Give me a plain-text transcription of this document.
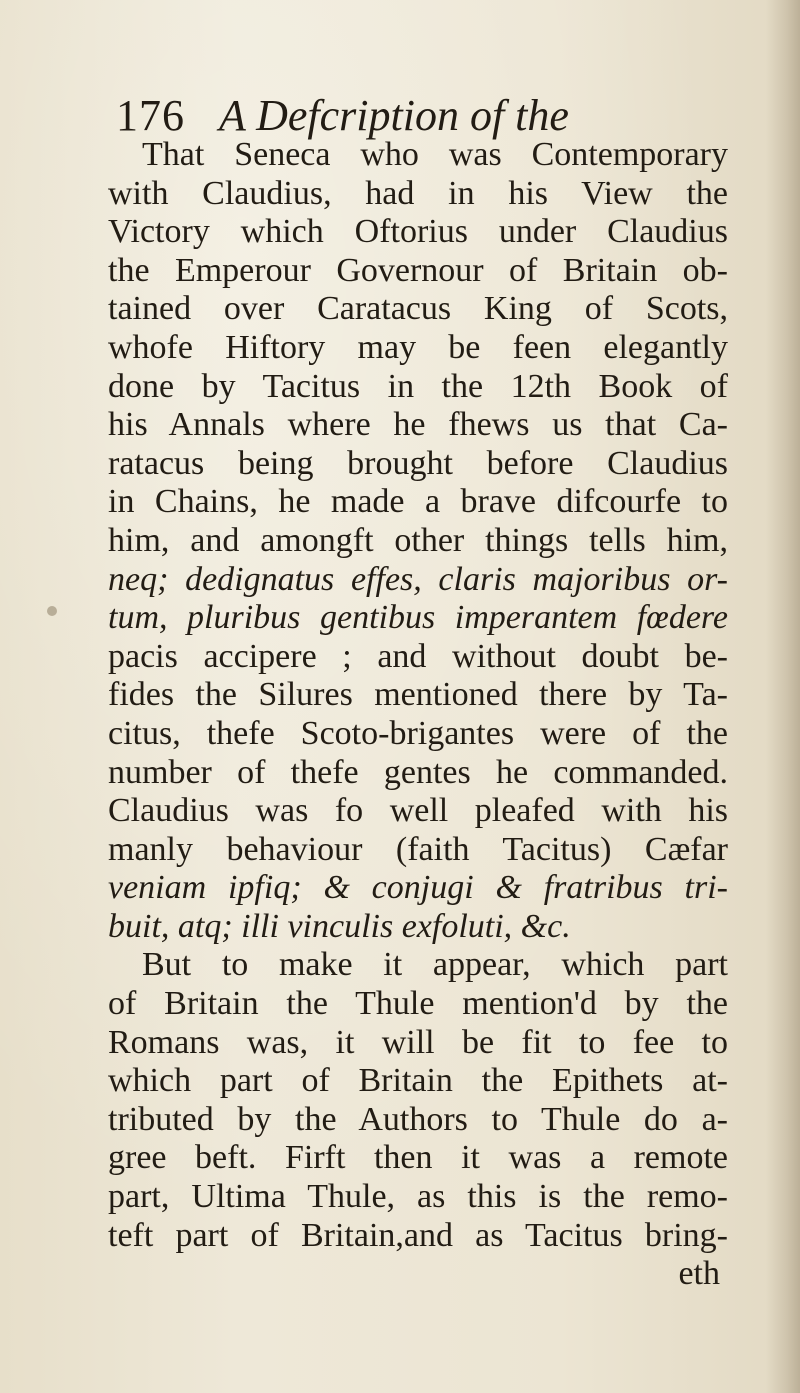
176 A Defcription of the
That Seneca who was Contemporary
with Claudius, had in his View the
Victory which Oftorius under Claudius
the Emperour Governour of Britain ob-
tained over Caratacus King of Scots,
whofe Hiftory may be feen elegantly
done by Tacitus in the 12th Book of
his Annals where he fhews us that Ca-
ratacus being brought before Claudius
in Chains, he made a brave difcourfe to
him, and amongft other things tells him,
neq; dedignatus effes, claris majoribus or-
tum, pluribus gentibus imperantem fœdere
pacis accipere ; and without doubt be-
fides the Silures mentioned there by Ta-
citus, thefe Scoto-brigantes were of the
number of thefe gentes he commanded.
Claudius was fo well pleafed with his
manly behaviour (faith Tacitus) Cæfar
veniam ipfiq; & conjugi & fratribus tri-
buit, atq; illi vinculis exfoluti, &c.
But to make it appear, which part
of Britain the Thule mention'd by the
Romans was, it will be fit to fee to
which part of Britain the Epithets at-
tributed by the Authors to Thule do a-
gree beft. Firft then it was a remote
part, Ultima Thule, as this is the remo-
teft part of Britain,and as Tacitus bring-
eth
